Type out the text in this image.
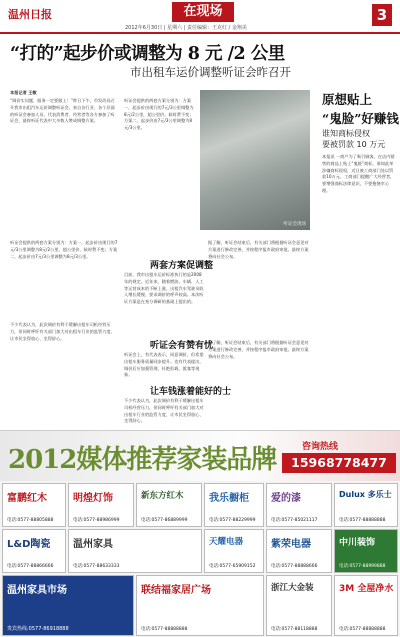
温州日报	在现场
2012年6月30日 | 星期六 | 责任编辑：王克红 / 金翔美
3
“打的”起步价或调整为 8 元 /2 公里
市出租车运价调整听证会昨召开
本报记者 王敏
“调价实问题，服务一定要跟上！”昨日下午，市发改局召开我市出租汽车运价调整听证会。来自各行业、各个层面的听证会参加人员，代表消费者、经营者等各方参加了听证会，最终听证代表中大多数人赞成调整方案。
听证会提供的两套方案分别为：方案一，起步价由现行的7元/3公里调整为8元/2公里，超公里价、候时费不变；方案二，起步价由7元/3公里调整为8元/3公里。
不少代表认为，此次调价有利于缓解出租车司机经营压力，但同时呼吁有关部门加大对出租车行业的监管力度，让市民坐得放心、坐得舒心。
听证会提供的两套方案分别为：方案一，起步价由现行的7元/3公里调整为8元/2公里，超公里价、候时费不变；方案二，起步价由7元/3公里调整为8元/3公里。
听证会现场
两套方案促调整
目前，我市出租车运价标准执行的是2008年的规定。近年来，随着燃油、车辆、人工等运营成本的不断上涨，出租汽车驾驶员收入增长缓慢，要求调价的呼声较高。本次听证方案是在充分调研的基础上提出的。
据了解，听证会结束后，有关部门将根据听证会意见对方案进行修改完善，并按程序报市政府审批。最终方案将向社会公布。
听证会有赞有忧
听证会上，有代表表示，同意调价，但希望出租车服务质量同步提升。也有代表提出，调价后应加强管理，杜绝拒载、挑客等现象。
让车钱涨着能好的士
不少代表认为，此次调价有利于缓解出租车司机经营压力，但同时呼吁有关部门加大对出租车行业的监管力度，让市民坐得放心、坐得舒心。
据了解，听证会结束后，有关部门将根据听证会意见对方案进行修改完善，并按程序报市政府审批。最终方案将向社会公布。
原想贴上
“鬼脸”好赚钱
谁知商标侵权
要被罚款 10 万元
本报讯 一商户为了吸引顾客，在店内销售的商品上贴上“鬼脸”商标，谁知此举涉嫌商标侵权，近日被工商部门处以罚款10万元。工商部门提醒广大经营者，要增强商标法律意识，不要抱侥幸心理。
2012媒体推荐家装品牌	咨询热线
15968778477
富鹏红木
电话:0577-88805888
明煌灯饰
电话:0577-88986999
新东方红木
电话:0577-86889999
我乐橱柜
电话:0577-88229999
爱的漆
电话:0577-85021117
Dulux 多乐士
电话:0577-88888888
L&D陶瓷
电话:0577-88866666
温州家具
电话:0577-88633333
天耀电器
电话:0577-65909152
紫荣电器
电话:0577-88888666
中川装饰
电话:0577-88999888
温州家具市场
贵宾热线:0577-86918888
联结福家居广场
电话:0577-88888888
浙江大金装
电话:0577-88118888
3M 全屋净水
电话:0577-88888888
